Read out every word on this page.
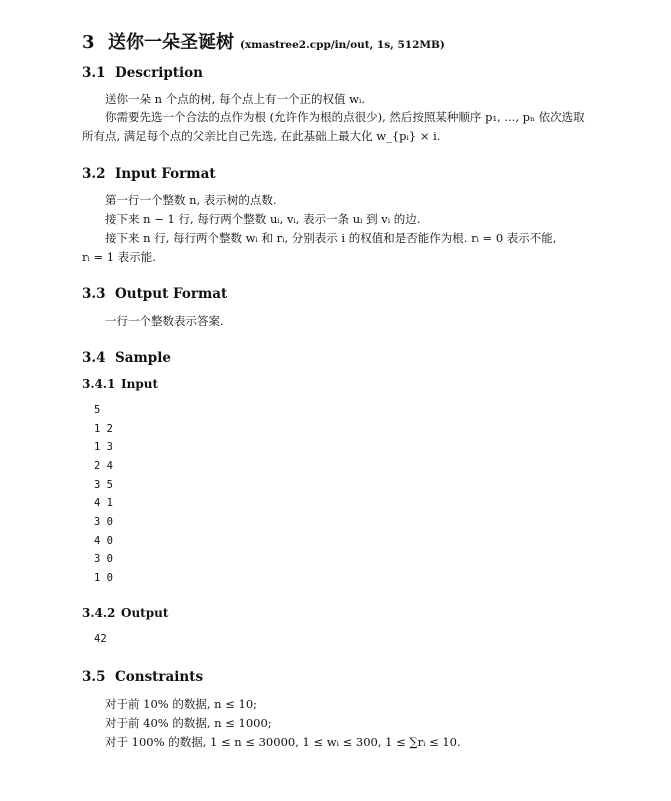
3 送你一朵圣诞树 (xmastree2.cpp/in/out, 1s, 512MB)
3.1 Description
送你一朵 n 个点的树, 每个点上有一个正的权值 wᵢ.
你需要先选一个合法的点作为根 (允许作为根的点很少), 然后按照某种顺序 p₁, ..., pₙ 依次选取
所有点, 满足每个点的父亲比自己先选, 在此基础上最大化 w_{pᵢ} × i.
3.2 Input Format
第一行一个整数 n, 表示树的点数.
接下来 n − 1 行, 每行两个整数 uᵢ, vᵢ, 表示一条 uᵢ 到 vᵢ 的边.
接下来 n 行, 每行两个整数 wᵢ 和 rᵢ, 分别表示 i 的权值和是否能作为根. rᵢ = 0 表示不能,
rᵢ = 1 表示能.
3.3 Output Format
一行一个整数表示答案.
3.4 Sample
3.4.1 Input
5
1 2
1 3
2 4
3 5
4 1
3 0
4 0
3 0
1 0
3.4.2 Output
42
3.5 Constraints
对于前 10% 的数据, n ≤ 10;
对于前 40% 的数据, n ≤ 1000;
对于 100% 的数据, 1 ≤ n ≤ 30000, 1 ≤ wᵢ ≤ 300, 1 ≤ ∑rᵢ ≤ 10.
